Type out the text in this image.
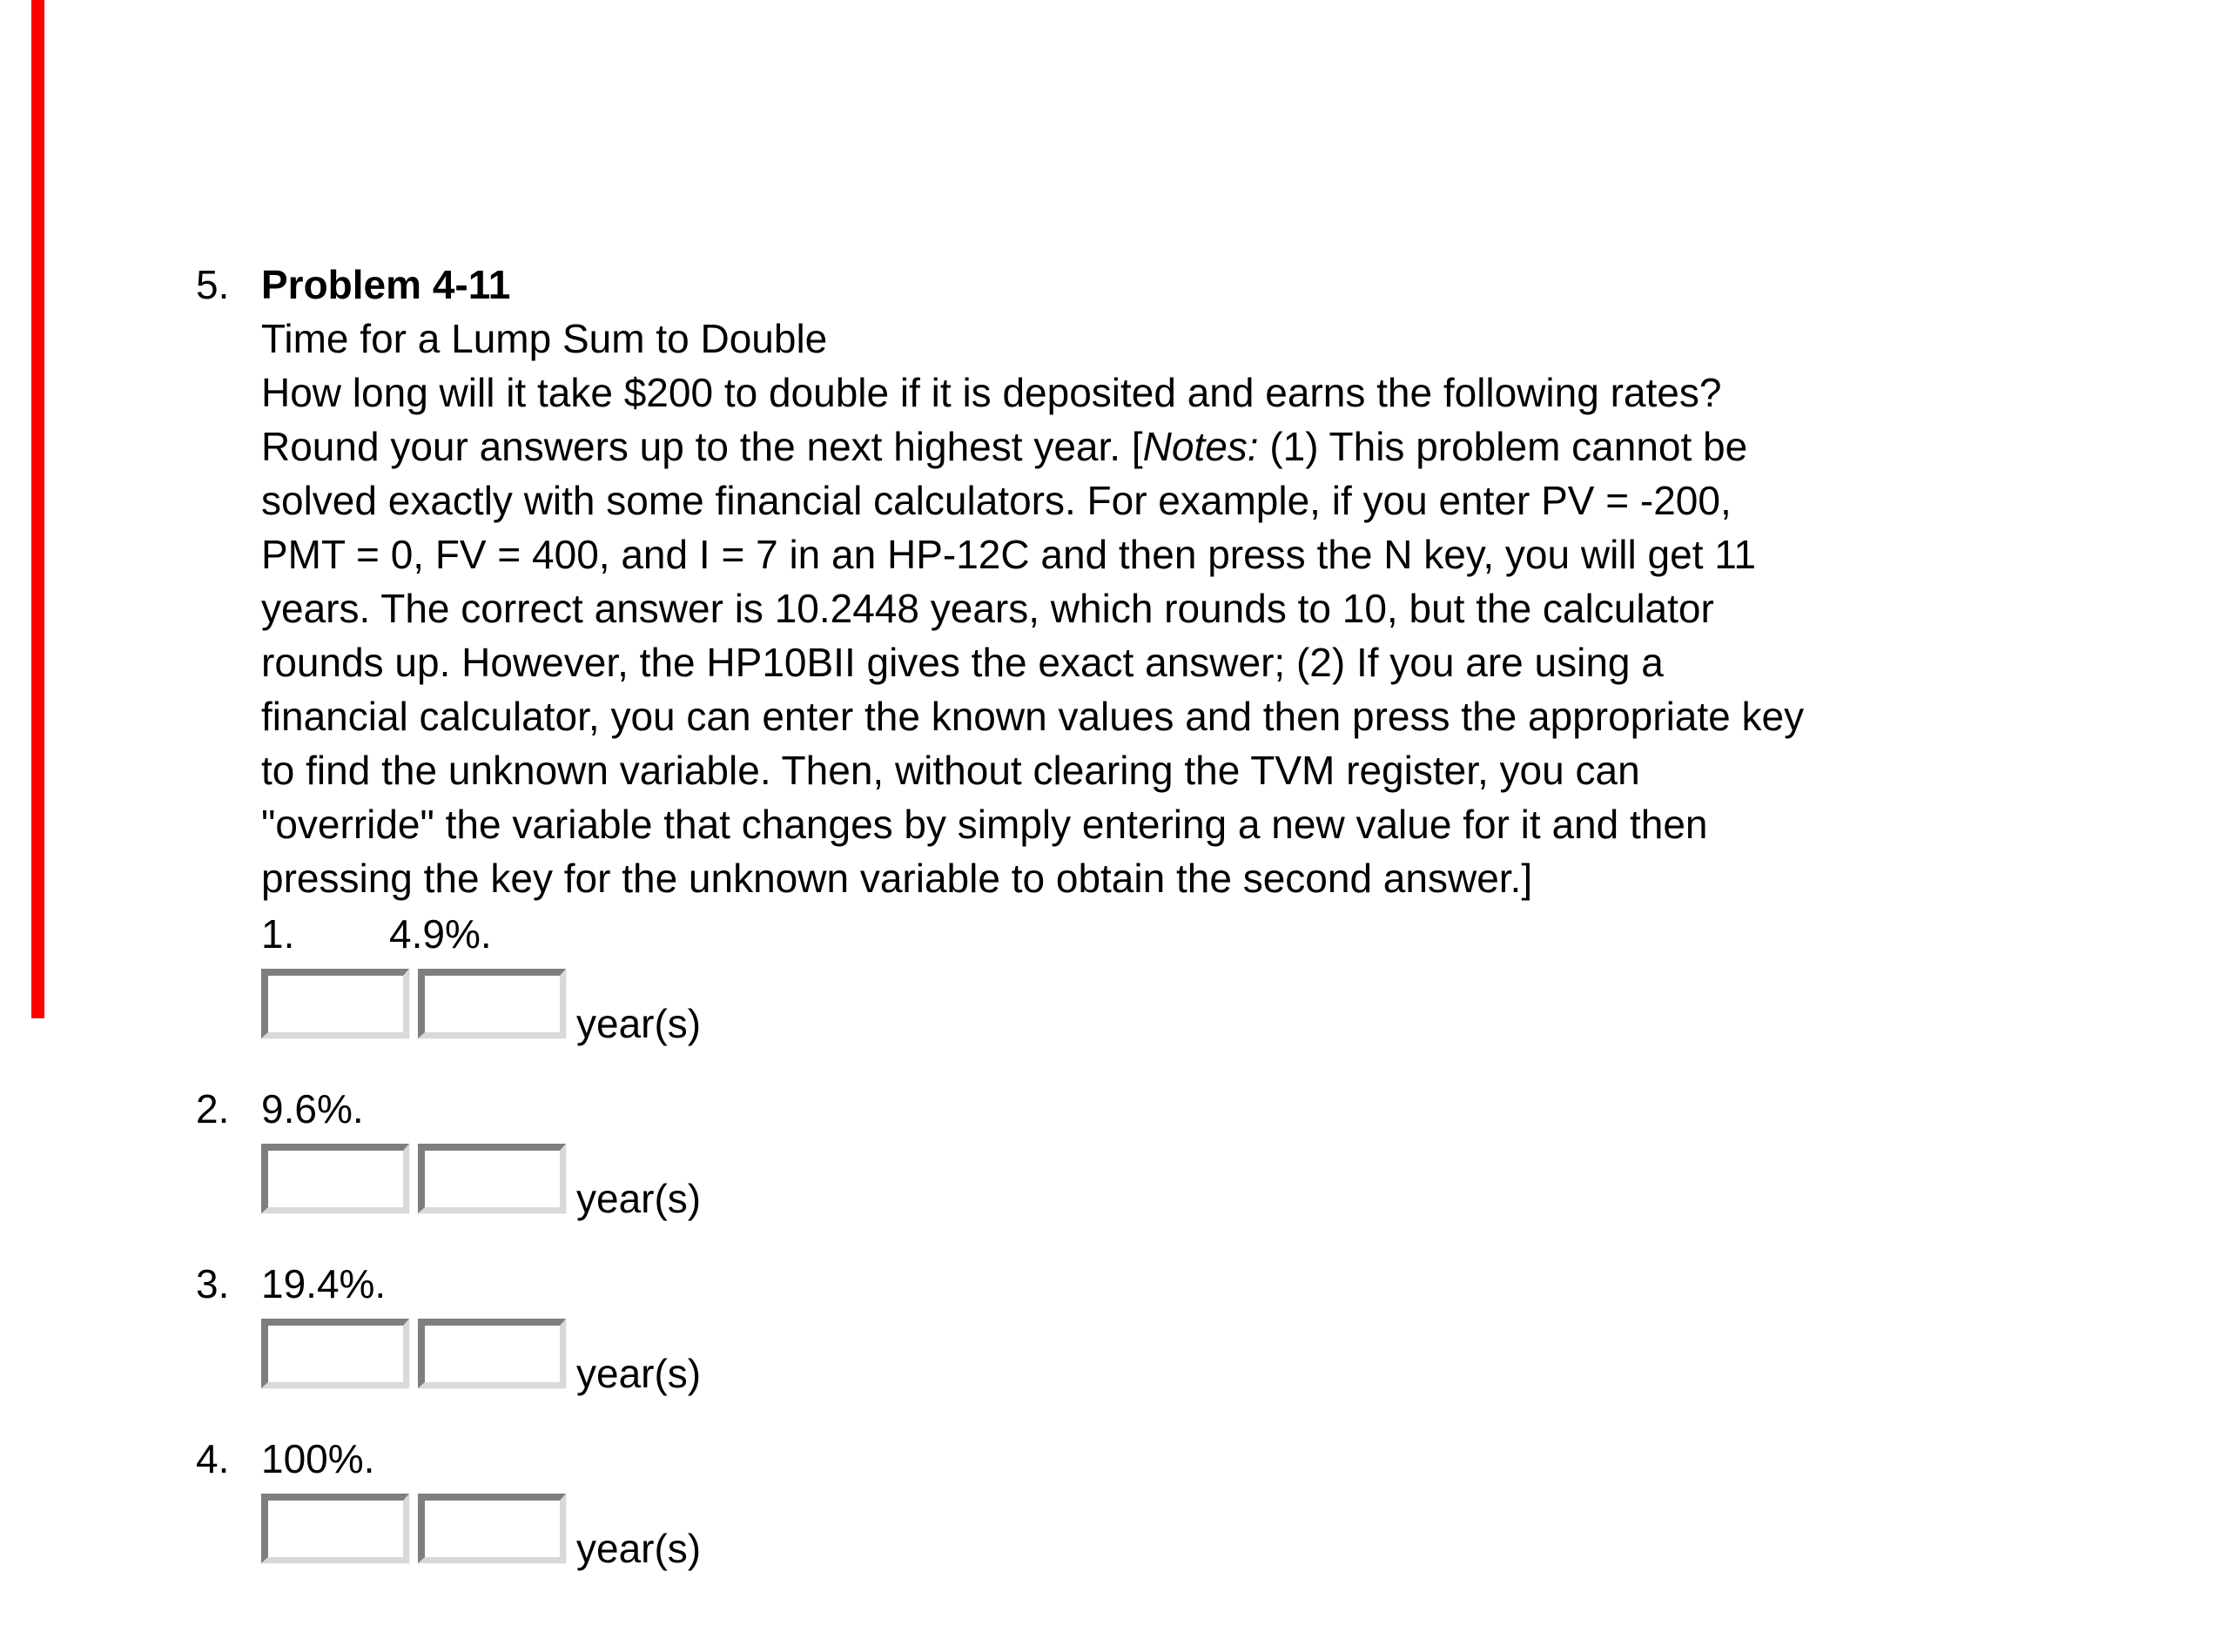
5. Problem 4-11
Time for a Lump Sum to Double
How long will it take $200 to double if it is deposited and earns the following rates?
Round your answers up to the next highest year. [Notes: (1) This problem cannot be
solved exactly with some financial calculators. For example, if you enter PV = -200,
PMT = 0, FV = 400, and I = 7 in an HP-12C and then press the N key, you will get 11
years. The correct answer is 10.2448 years, which rounds to 10, but the calculator
rounds up. However, the HP10BII gives the exact answer; (2) If you are using a
financial calculator, you can enter the known values and then press the appropriate key
to find the unknown variable. Then, without clearing the TVM register, you can
"override" the variable that changes by simply entering a new value for it and then
pressing the key for the unknown variable to obtain the second answer.]
1. 4.9%.
year(s)
2. 9.6%.
year(s)
3. 19.4%.
year(s)
4. 100%.
year(s)
